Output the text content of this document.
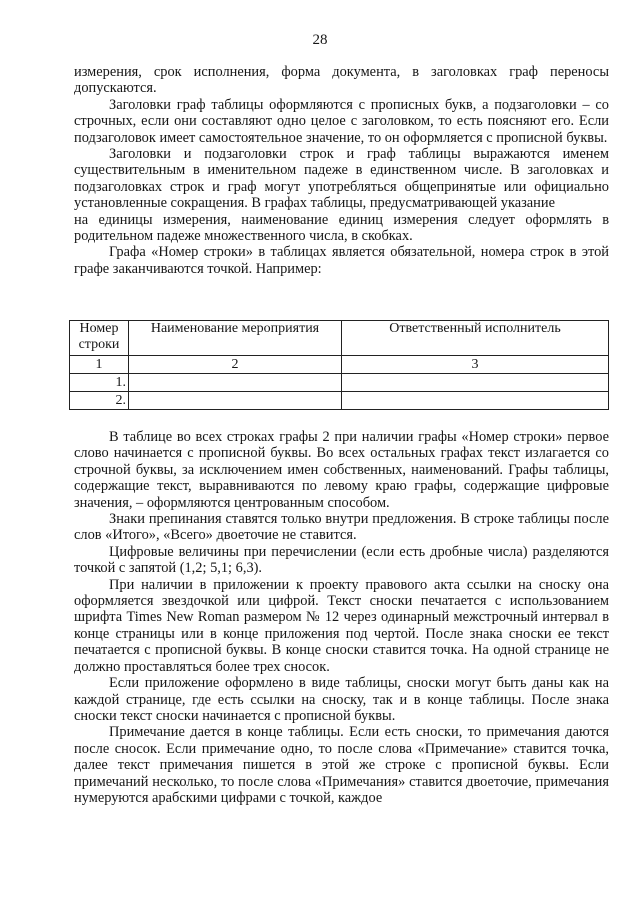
28

измерения, срок исполнения, форма документа, в заголовках граф переносы допускаются.

Заголовки граф таблицы оформляются с прописных букв, а подзаголовки – со строчных, если они составляют одно целое с заголовком, то есть поясняют его. Если подзаголовок имеет самостоятельное значение, то он оформляется с прописной буквы.

Заголовки и подзаголовки строк и граф таблицы выражаются именем существительным в именительном падеже в единственном числе. В заголовках и подзаголовках строк и граф могут употребляться общепринятые или официально установленные сокращения. В графах таблицы, предусматривающей указание

на единицы измерения, наименование единиц измерения следует оформлять в родительном падеже множественного числа, в скобках.

Графа «Номер строки» в таблицах является обязательной, номера строк в этой графе заканчиваются точкой. Например:

Номер строки	Наименование мероприятия	Ответственный исполнитель
1	2	3
1.		
2.		

В таблице во всех строках графы 2 при наличии графы «Номер строки» первое слово начинается с прописной буквы. Во всех остальных графах текст излагается со строчной буквы, за исключением имен собственных, наименований. Графы таблицы, содержащие текст, выравниваются по левому краю графы, содержащие цифровые значения, – оформляются центрованным способом.

Знаки препинания ставятся только внутри предложения. В строке таблицы после слов «Итого», «Всего» двоеточие не ставится.

Цифровые величины при перечислении (если есть дробные числа) разделяются точкой с запятой (1,2; 5,1; 6,3).

При наличии в приложении к проекту правового акта ссылки на сноску она оформляется звездочкой или цифрой. Текст сноски печатается с использованием шрифта Times New Roman размером № 12 через одинарный межстрочный интервал в конце страницы или в конце приложения под чертой. После знака сноски ее текст печатается с прописной буквы. В конце сноски ставится точка. На одной странице не должно проставляться более трех сносок.

Если приложение оформлено в виде таблицы, сноски могут быть даны как на каждой странице, где есть ссылки на сноску, так и в конце таблицы. После знака сноски текст сноски начинается с прописной буквы.

Примечание дается в конце таблицы. Если есть сноски, то примечания даются после сносок. Если примечание одно, то после слова «Примечание» ставится точка, далее текст примечания пишется в этой же строке с прописной буквы. Если примечаний несколько, то после слова «Примечания» ставится двоеточие, примечания нумеруются арабскими цифрами с точкой, каждое
